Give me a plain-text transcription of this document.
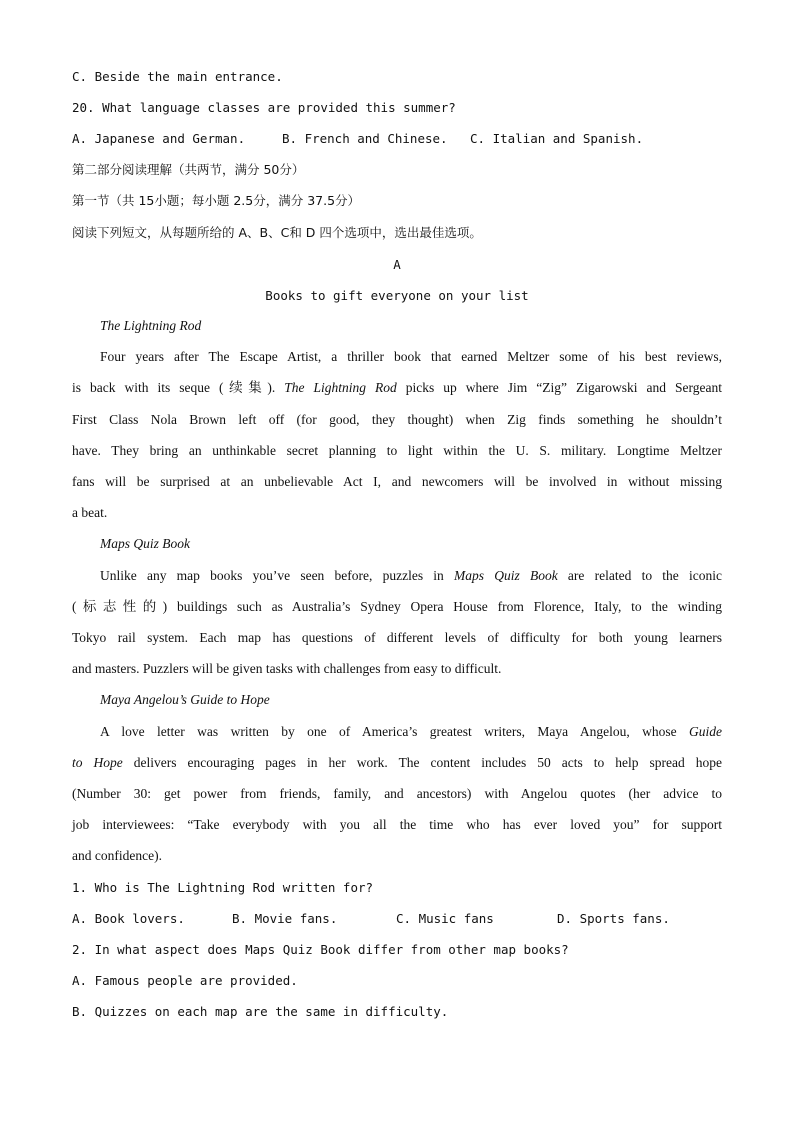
C. Beside the main entrance.
20. What language classes are provided this summer?
A. Japanese and German.	B. French and Chinese. C. Italian and Spanish.
第二部分阅读理解（共两节，满分 50分）
第一节（共 15小题；每小题 2.5分，满分 37.5分）
阅读下列短文，从每题所给的 A、B、C和 D 四个选项中，选出最佳选项。
A
Books to gift everyone on your list
The Lightning Rod
Four years after The Escape Artist, a thriller book that earned Meltzer some of his best reviews,
is back with its seque (续集). The Lightning Rod picks up where Jim “Zig” Zigarowski and Sergeant
First Class Nola Brown left off (for good, they thought) when Zig finds something he shouldn’t
have. They bring an unthinkable secret planning to light within the U. S. military. Longtime Meltzer
fans will be surprised at an unbelievable Act I, and newcomers will be involved in without missing
a beat.
Maps Quiz Book
Unlike any map books you’ve seen before, puzzles in Maps Quiz Book are related to the iconic
(标志性的) buildings such as Australia’s Sydney Opera House from Florence, Italy, to the winding
Tokyo rail system. Each map has questions of different levels of difficulty for both young learners
and masters. Puzzlers will be given tasks with challenges from easy to difficult.
Maya Angelou’s Guide to Hope
A love letter was written by one of America’s greatest writers, Maya Angelou, whose Guide
to Hope delivers encouraging pages in her work. The content includes 50 acts to help spread hope
(Number 30: get power from friends, family, and ancestors) with Angelou quotes (her advice to
job interviewees: “Take everybody with you all the time who has ever loved you” for support
and confidence).
1. Who is The Lightning Rod written for?
A. Book lovers.	B. Movie fans.	C. Music fans	D. Sports fans.
2. In what aspect does Maps Quiz Book differ from other map books?
A. Famous people are provided.
B. Quizzes on each map are the same in difficulty.
